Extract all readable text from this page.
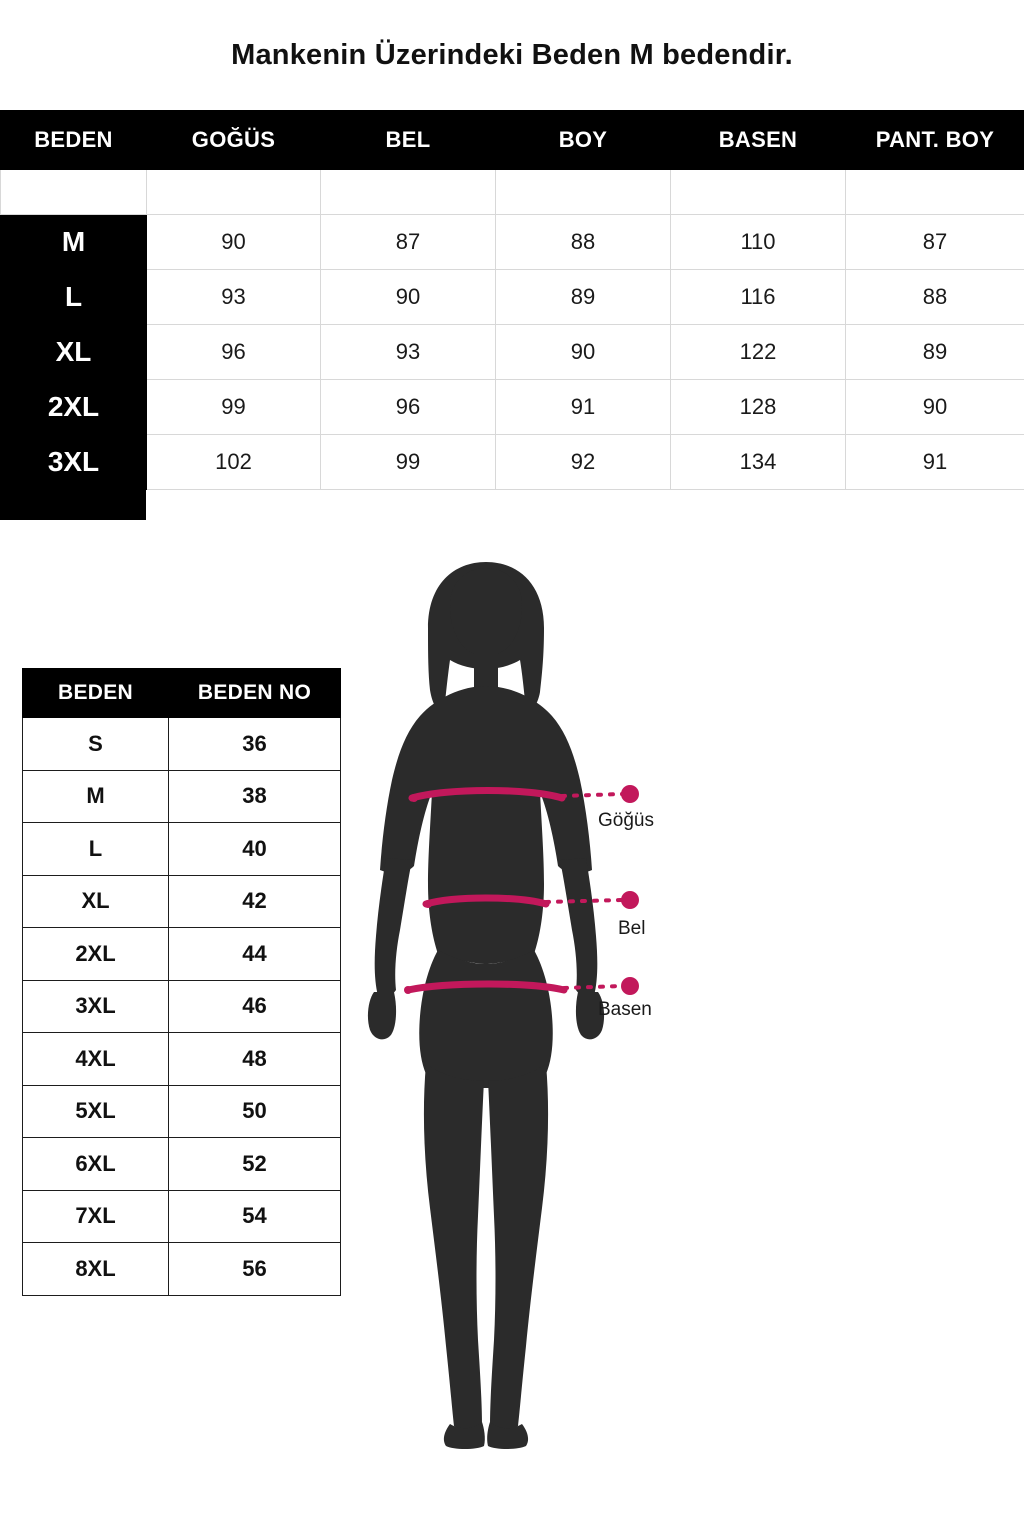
Mankenin Üzerindeki Beden M bedendir.

BEDEN	GOĞÜS	BEL	BOY	BASEN	PANT. BOY
M	90	87	88	110	87
L	93	90	89	116	88
XL	96	93	90	122	89
2XL	99	96	91	128	90
3XL	102	99	92	134	91
BEDEN	BEDEN NO
S	36
M	38
L	40
XL	42
2XL	44
3XL	46
4XL	48
5XL	50
6XL	52
7XL	54
8XL	56
Göğüs
Bel
Basen
